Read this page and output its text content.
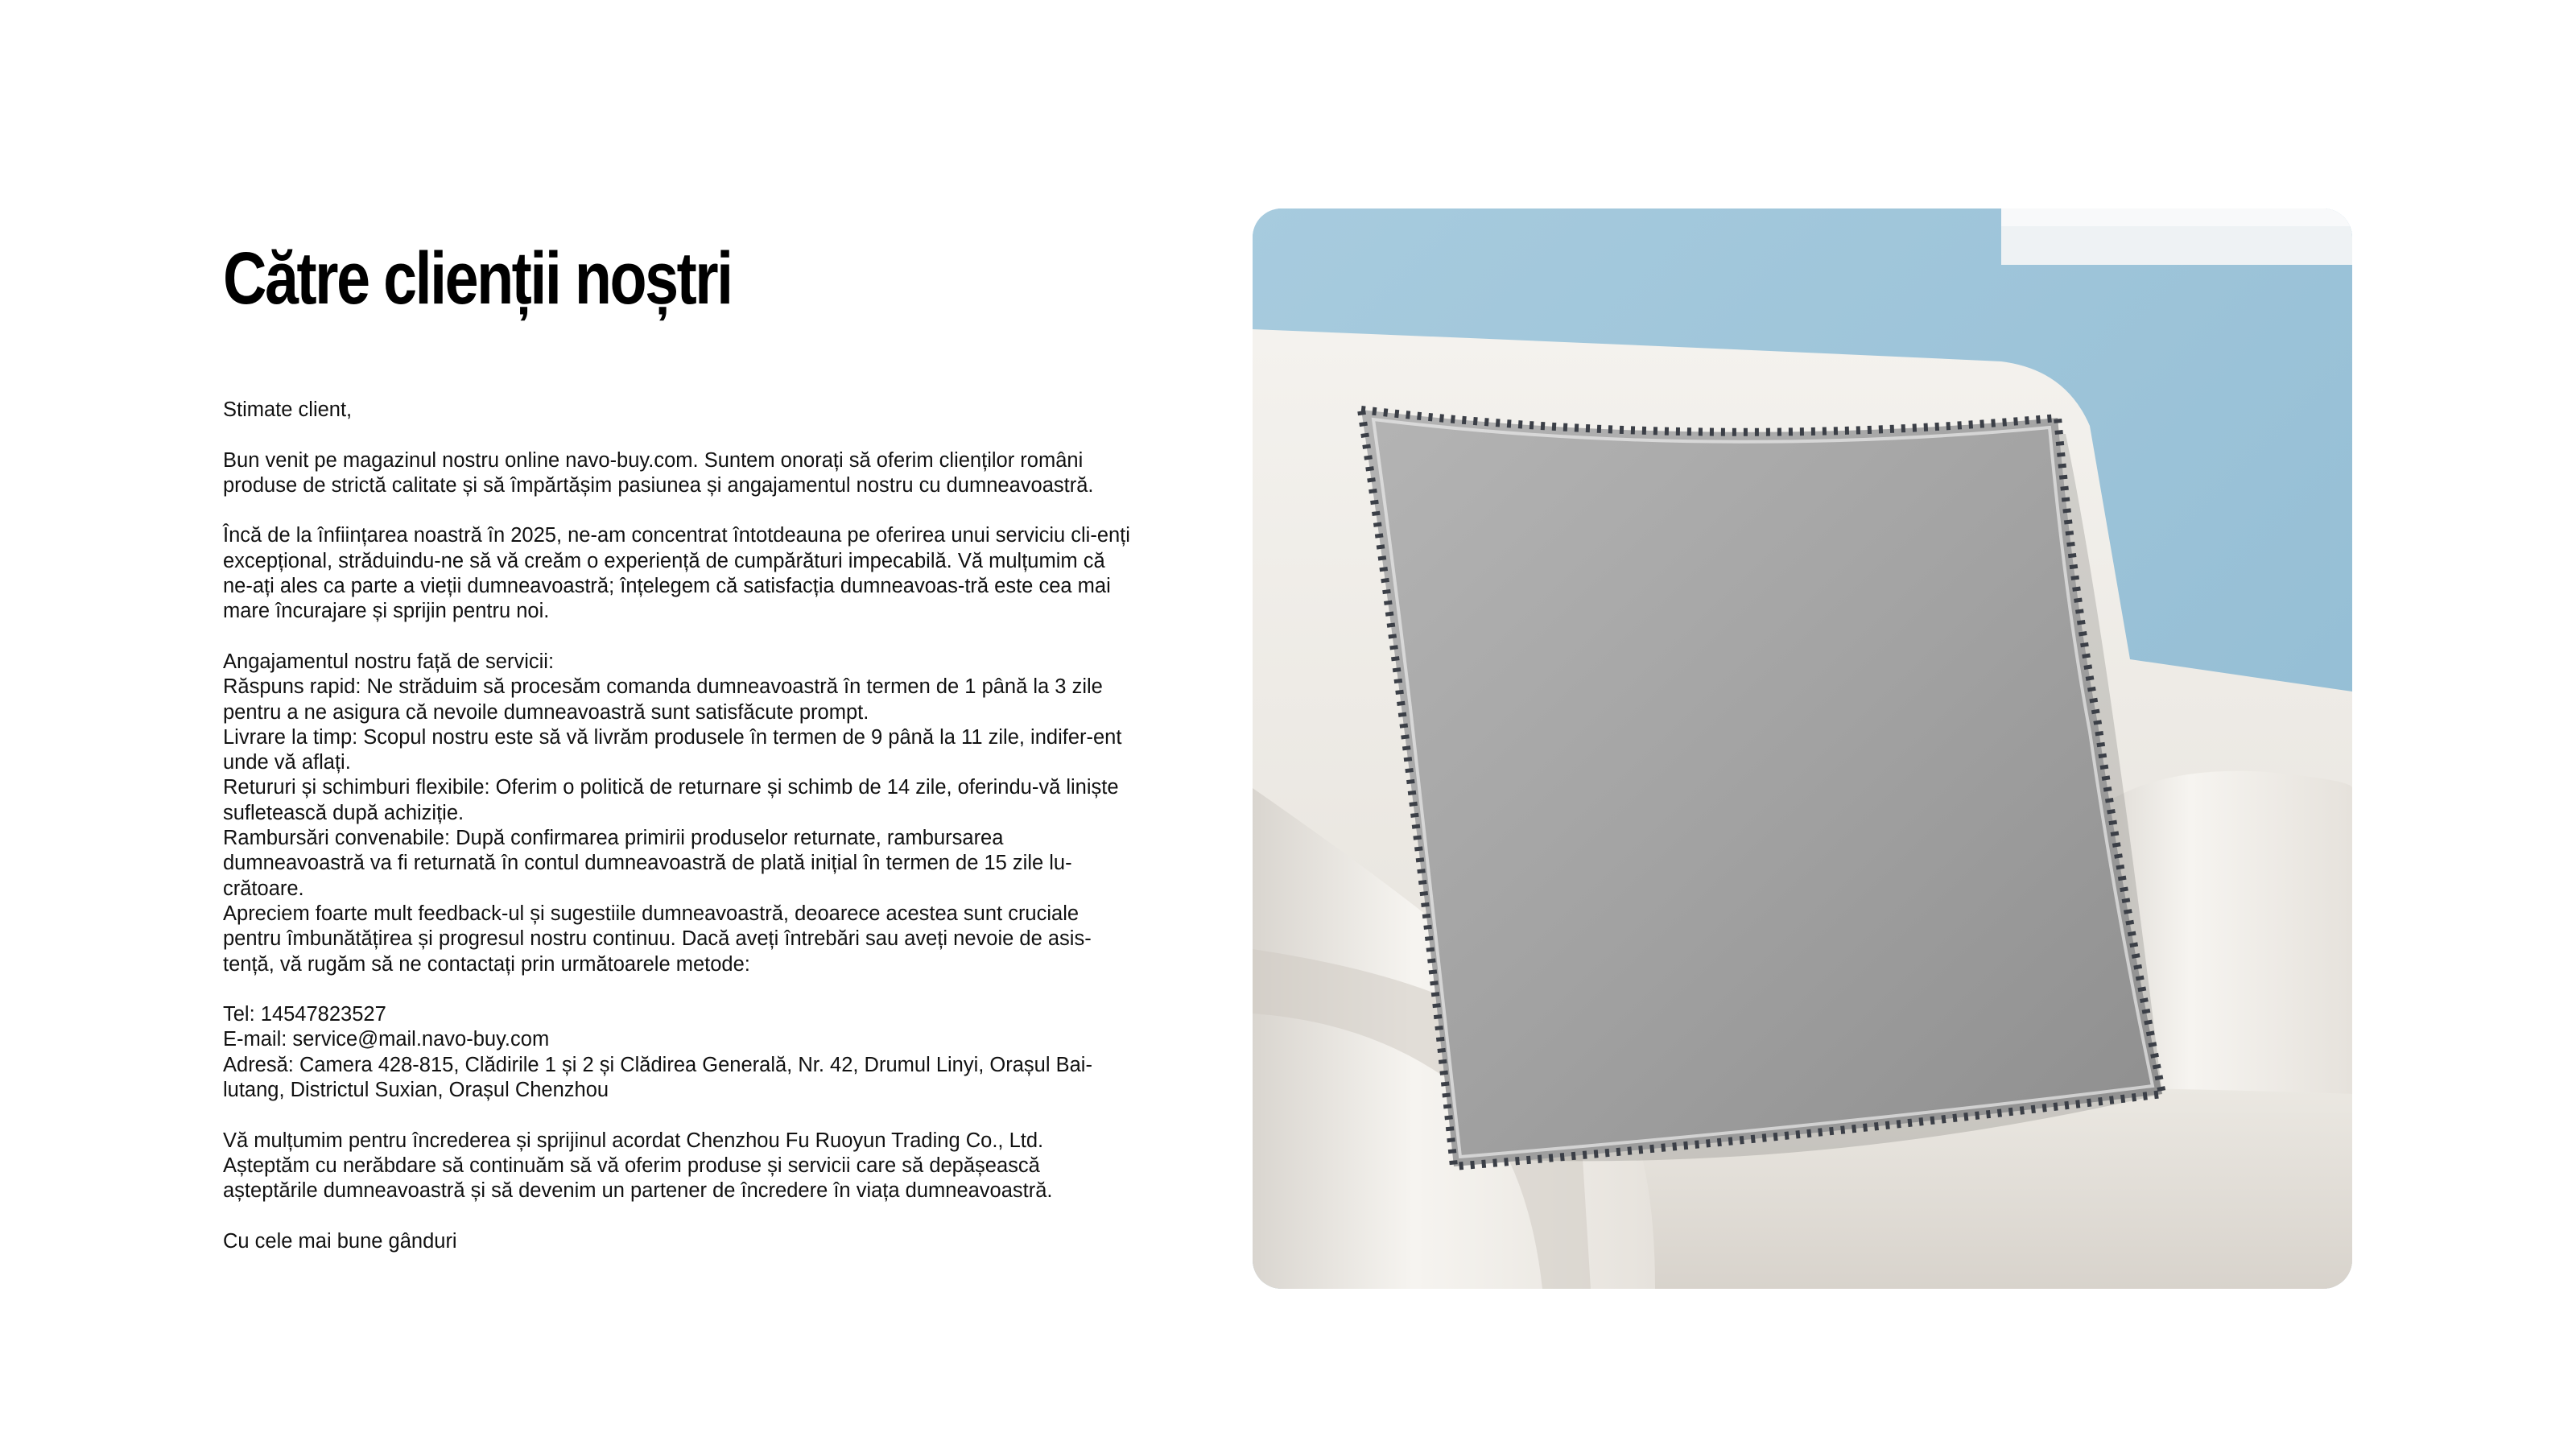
Către clienții noștri

Stimate client,

Bun venit pe magazinul nostru online navo-buy.com. Suntem onorați să oferim clienților români produse de strictă calitate și să împărtășim pasiunea și angajamentul nostru cu dumneavoastră.

Încă de la înființarea noastră în 2025, ne-am concentrat întotdeauna pe oferirea unui serviciu cli-enți excepțional, străduindu-ne să vă creăm o experiență de cumpărături impecabilă. Vă mulțumim că ne-ați ales ca parte a vieții dumneavoastră; înțelegem că satisfacția dumneavoas-tră este cea mai mare încurajare și sprijin pentru noi.

Angajamentul nostru față de servicii:

Răspuns rapid: Ne străduim să procesăm comanda dumneavoastră în termen de 1 până la 3 zile pentru a ne asigura că nevoile dumneavoastră sunt satisfăcute prompt.

Livrare la timp: Scopul nostru este să vă livrăm produsele în termen de 9 până la 11 zile, indifer-ent unde vă aflați.

Retururi și schimburi flexibile: Oferim o politică de returnare și schimb de 14 zile, oferindu-vă liniște sufletească după achiziție.

Rambursări convenabile: După confirmarea primirii produselor returnate, rambursarea dumneavoastră va fi returnată în contul dumneavoastră de plată inițial în termen de 15 zile lu-crătoare.

Apreciem foarte mult feedback-ul și sugestiile dumneavoastră, deoarece acestea sunt cruciale pentru îmbunătățirea și progresul nostru continuu. Dacă aveți întrebări sau aveți nevoie de asis-tență, vă rugăm să ne contactați prin următoarele metode:

Tel: 14547823527

E-mail: service@mail.navo-buy.com

Adresă: Camera 428-815, Clădirile 1 și 2 și Clădirea Generală, Nr. 42, Drumul Linyi, Orașul Bai-lutang, Districtul Suxian, Orașul Chenzhou

Vă mulțumim pentru încrederea și sprijinul acordat Chenzhou Fu Ruoyun Trading Co., Ltd. Așteptăm cu nerăbdare să continuăm să vă oferim produse și servicii care să depășească așteptările dumneavoastră și să devenim un partener de încredere în viața dumneavoastră.

Cu cele mai bune gânduri
